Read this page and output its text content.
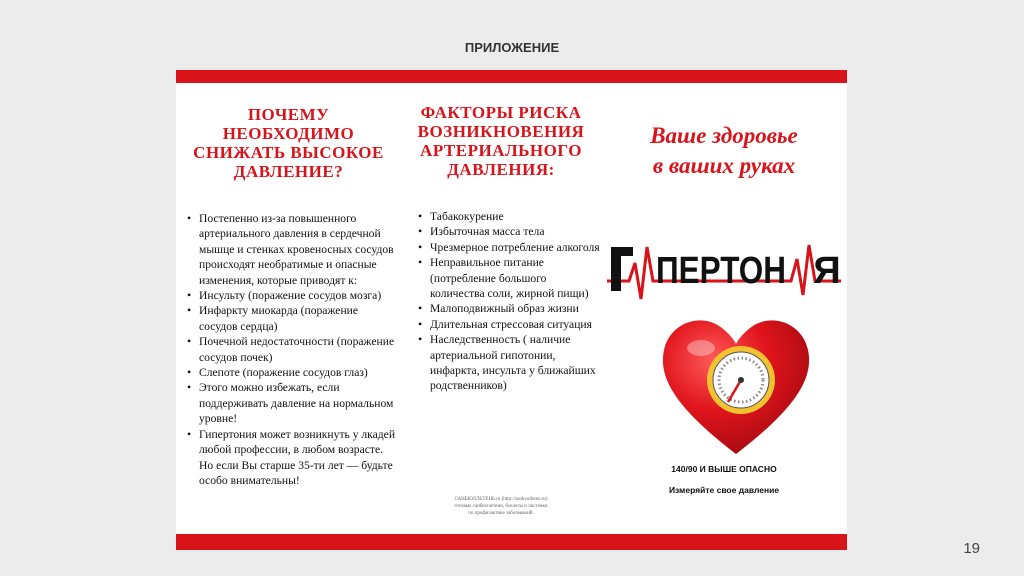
ПРИЛОЖЕНИЕ
ПОЧЕМУ
НЕОБХОДИМО
СНИЖАТЬ ВЫСОКОЕ
ДАВЛЕНИЕ?
• Постепенно из-за повышенного артериального давления в сердечной мышце и стенках кровеносных сосудов происходят необратимые и опасные изменения, которые приводят к:
• Инсульту (поражение сосудов мозга)
• Инфаркту миокарда (поражение сосудов сердца)
• Почечной недостаточности (поражение сосудов почек)
• Слепоте (поражение сосудов глаз)
• Этого можно избежать, если поддерживать давление на нормальном уровне!
• Гипертония может возникнуть у лкадей любой профессии, в любом возрасте. Но если Вы старше 35-ти лет — будьте особо внимательны!
ФАКТОРЫ РИСКА
ВОЗНИКНОВЕНИЯ
АРТЕРИАЛЬНОГО
ДАВЛЕНИЯ:
• Табакокурение
• Избыточная масса тела
• Чрезмерное потребление алкоголя
• Неправильное питание (потребление большого количества соли, жирной пищи)
• Малоподвижный образ жизни
• Длительная стрессовая ситуация
• Наследственность ( наличие артериальной гипотонии, инфаркта, инсульта у ближайших родственников)
САНБЮЛЛЕТЕНЬ.ru (http://sanbyulleten.ru)
готовые санбюллетени, буклеты и листовки
по профилактике заболеваний.
Ваше здоровье
в ваших руках
ПЕРТОН Я
140/90 И ВЫШЕ ОПАСНО
Измеряйте свое давление
19
